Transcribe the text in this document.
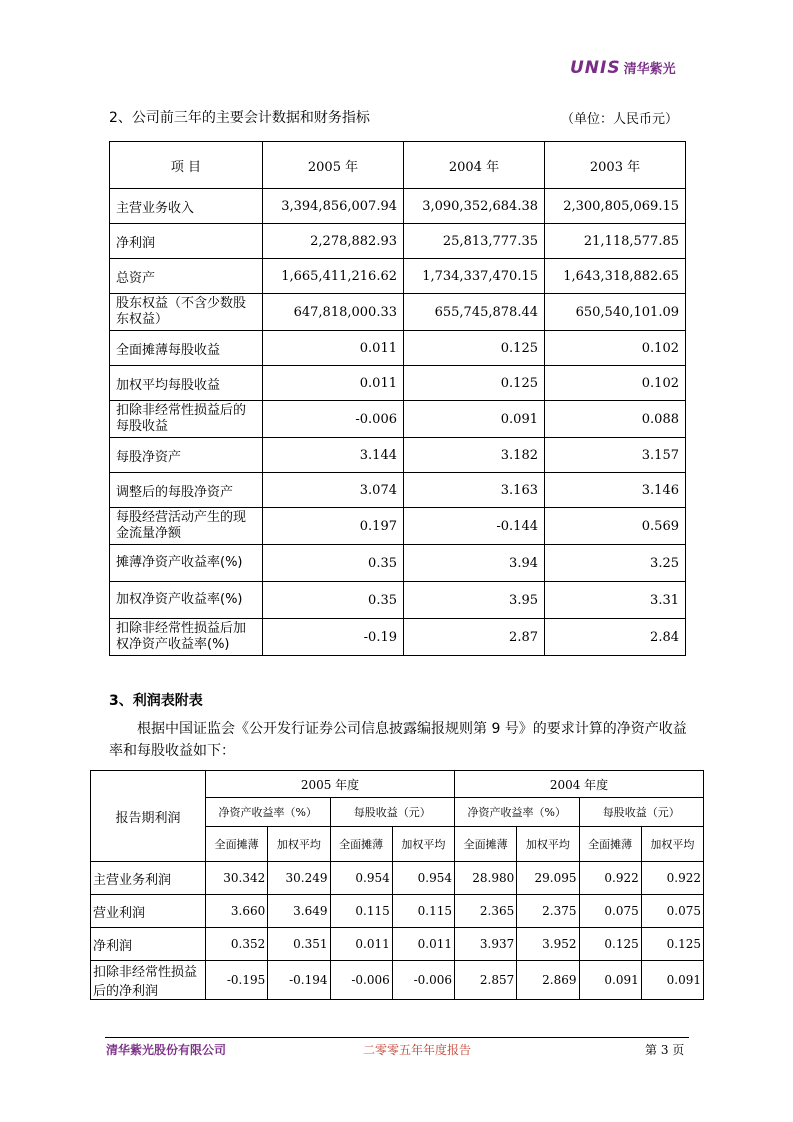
UNIS 清华紫光
2、公司前三年的主要会计数据和财务指标	（单位：人民币元）
项 目	2005 年	2004 年	2003 年
主营业务收入	3,394,856,007.94	3,090,352,684.38	2,300,805,069.15
净利润	2,278,882.93	25,813,777.35	21,118,577.85
总资产	1,665,411,216.62	1,734,337,470.15	1,643,318,882.65
股东权益（不含少数股东权益）	647,818,000.33	655,745,878.44	650,540,101.09
全面摊薄每股收益	0.011	0.125	0.102
加权平均每股收益	0.011	0.125	0.102
扣除非经常性损益后的每股收益	-0.006	0.091	0.088
每股净资产	3.144	3.182	3.157
调整后的每股净资产	3.074	3.163	3.146
每股经营活动产生的现金流量净额	0.197	-0.144	0.569
摊薄净资产收益率(%)	0.35	3.94	3.25
加权净资产收益率(%)	0.35	3.95	3.31
扣除非经常性损益后加权净资产收益率(%)	-0.19	2.87	2.84
3、利润表附表
根据中国证监会《公开发行证券公司信息披露编报规则第 9 号》的要求计算的净资产收益率和每股收益如下：
报告期利润	2005 年度				2004 年度			
	净资产收益率（%）		每股收益（元）		净资产收益率（%）		每股收益（元）	
	全面摊薄	加权平均	全面摊薄	加权平均	全面摊薄	加权平均	全面摊薄	加权平均
主营业务利润	30.342	30.249	0.954	0.954	28.980	29.095	0.922	0.922
营业利润	3.660	3.649	0.115	0.115	2.365	2.375	0.075	0.075
净利润	0.352	0.351	0.011	0.011	3.937	3.952	0.125	0.125
扣除非经常性损益后的净利润	-0.195	-0.194	-0.006	-0.006	2.857	2.869	0.091	0.091
清华紫光股份有限公司	二零零五年年度报告	第 3 页
